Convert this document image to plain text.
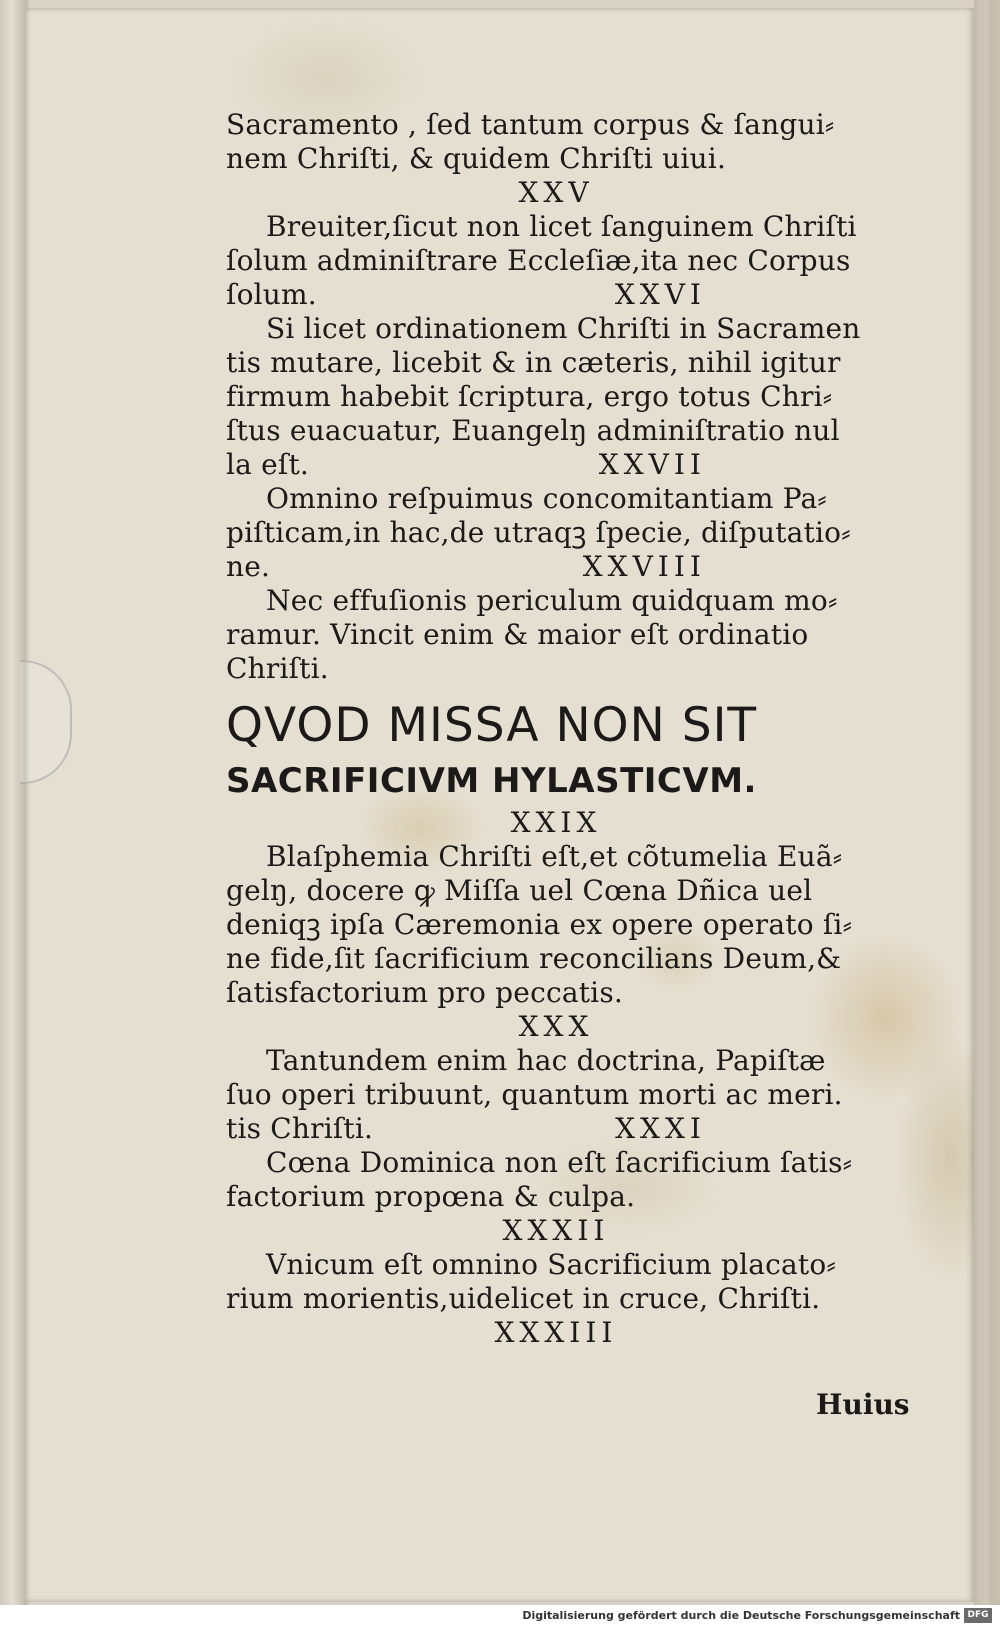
Sacramento , ſed tantum corpus & ſangui⸗
nem Chriſti, & quidem Chriſti uiui.
XXV
Breuiter,ſicut non licet ſanguinem Chriſti
ſolum adminiſtrare Eccleſiæ,ita nec Corpus
ſolum.	XXVI
Si licet ordinationem Chriſti in Sacramen
tis mutare, licebit & in cæteris, nihil igitur
firmum habebit ſcriptura, ergo totus Chri⸗
ſtus euacuatur, Euangelŋ adminiſtratio nul
la eſt.	XXVII
Omnino reſpuimus concomitantiam Pa⸗
piſticam,in hac,de utraqꝫ ſpecie, diſputatio⸗
ne.	XXVIII
Nec effuſionis periculum quidquam mo⸗
ramur. Vincit enim & maior eſt ordinatio
Chriſti.
QVOD MISSA NON SIT
SACRIFICIVM HYLASTICVM.
XXIX
Blaſphemia Chriſti eſt,et cõtumelia Euã⸗
gelŋ, docere ꝙ Miſſa uel Cœna Dñica uel
deniqꝫ ipſa Cæremonia ex opere operato ſi⸗
ne fide,ſit ſacrificium reconcilians Deum,&
ſatisfactorium pro peccatis.
XXX
Tantundem enim hac doctrina, Papiſtæ
ſuo operi tribuunt, quantum morti ac meri.
tis Chriſti.	XXXI
Cœna Dominica non eſt ſacrificium ſatis⸗
factorium propœna & culpa.
XXXII
Vnicum eſt omnino Sacrificium placato⸗
rium morientis,uidelicet in cruce, Chriſti.
XXXIII
Huius
Digitalisierung gefördert durch die Deutsche Forschungsgemeinschaft DFG
